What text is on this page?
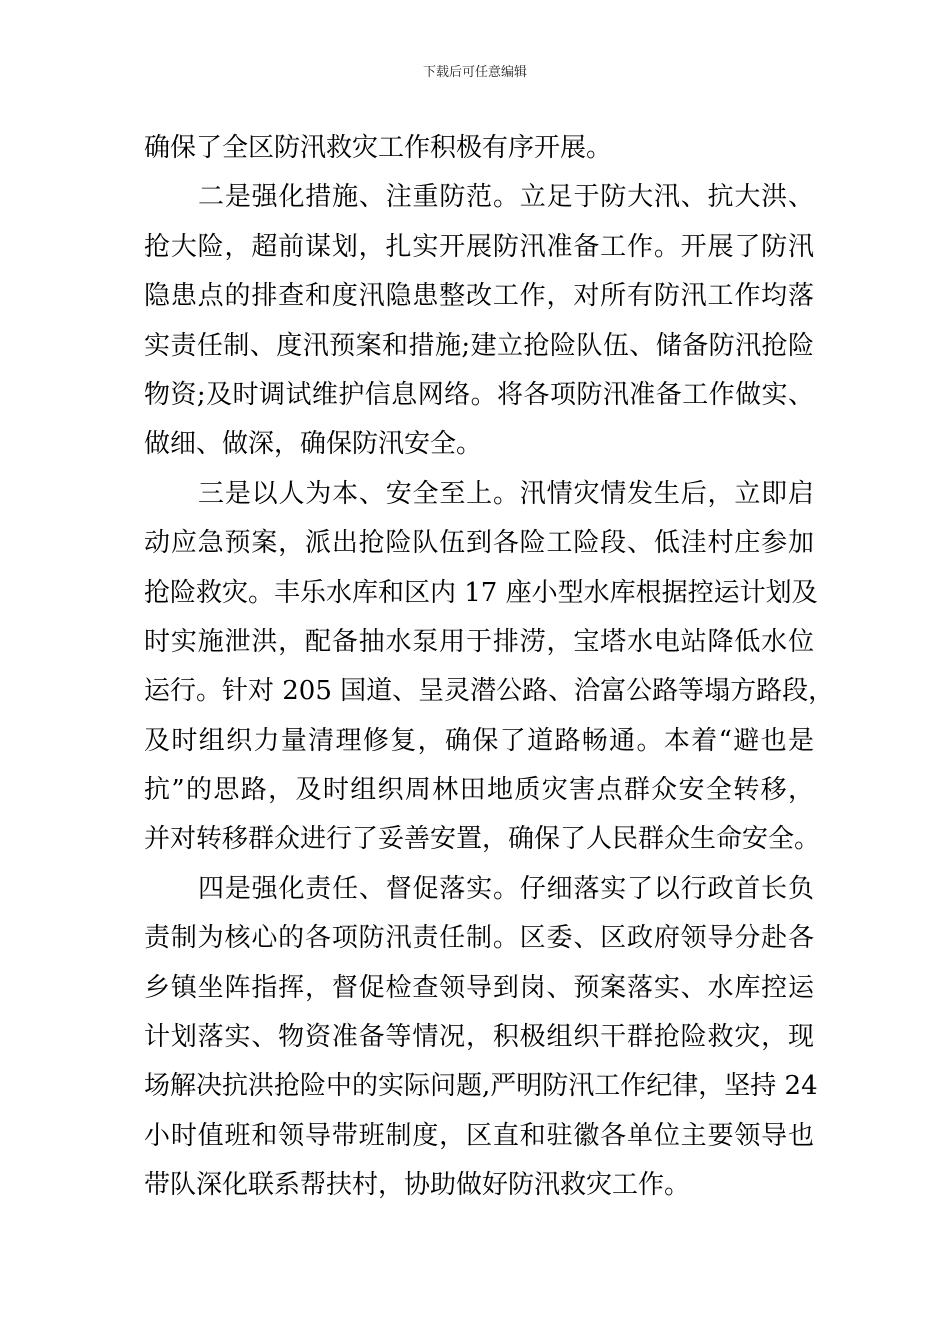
下载后可任意编辑
确保了全区防汛救灾工作积极有序开展。
二是强化措施、注重防范。立足于防大汛、抗大洪、
抢大险，超前谋划，扎实开展防汛准备工作。开展了防汛
隐患点的排查和度汛隐患整改工作，对所有防汛工作均落
实责任制、度汛预案和措施;建立抢险队伍、储备防汛抢险
物资;及时调试维护信息网络。将各项防汛准备工作做实、
做细、做深，确保防汛安全。
三是以人为本、安全至上。汛情灾情发生后，立即启
动应急预案，派出抢险队伍到各险工险段、低洼村庄参加
抢险救灾。丰乐水库和区内 17 座小型水库根据控运计划及
时实施泄洪，配备抽水泵用于排涝，宝塔水电站降低水位
运行。针对 205 国道、呈灵潜公路、洽富公路等塌方路段，
及时组织力量清理修复，确保了道路畅通。本着“避也是
抗”的思路，及时组织周林田地质灾害点群众安全转移，
并对转移群众进行了妥善安置，确保了人民群众生命安全。
四是强化责任、督促落实。仔细落实了以行政首长负
责制为核心的各项防汛责任制。区委、区政府领导分赴各
乡镇坐阵指挥，督促检查领导到岗、预案落实、水库控运
计划落实、物资准备等情况，积极组织干群抢险救灾，现
场解决抗洪抢险中的实际问题,严明防汛工作纪律，坚持 24
小时值班和领导带班制度，区直和驻徽各单位主要领导也
带队深化联系帮扶村，协助做好防汛救灾工作。
